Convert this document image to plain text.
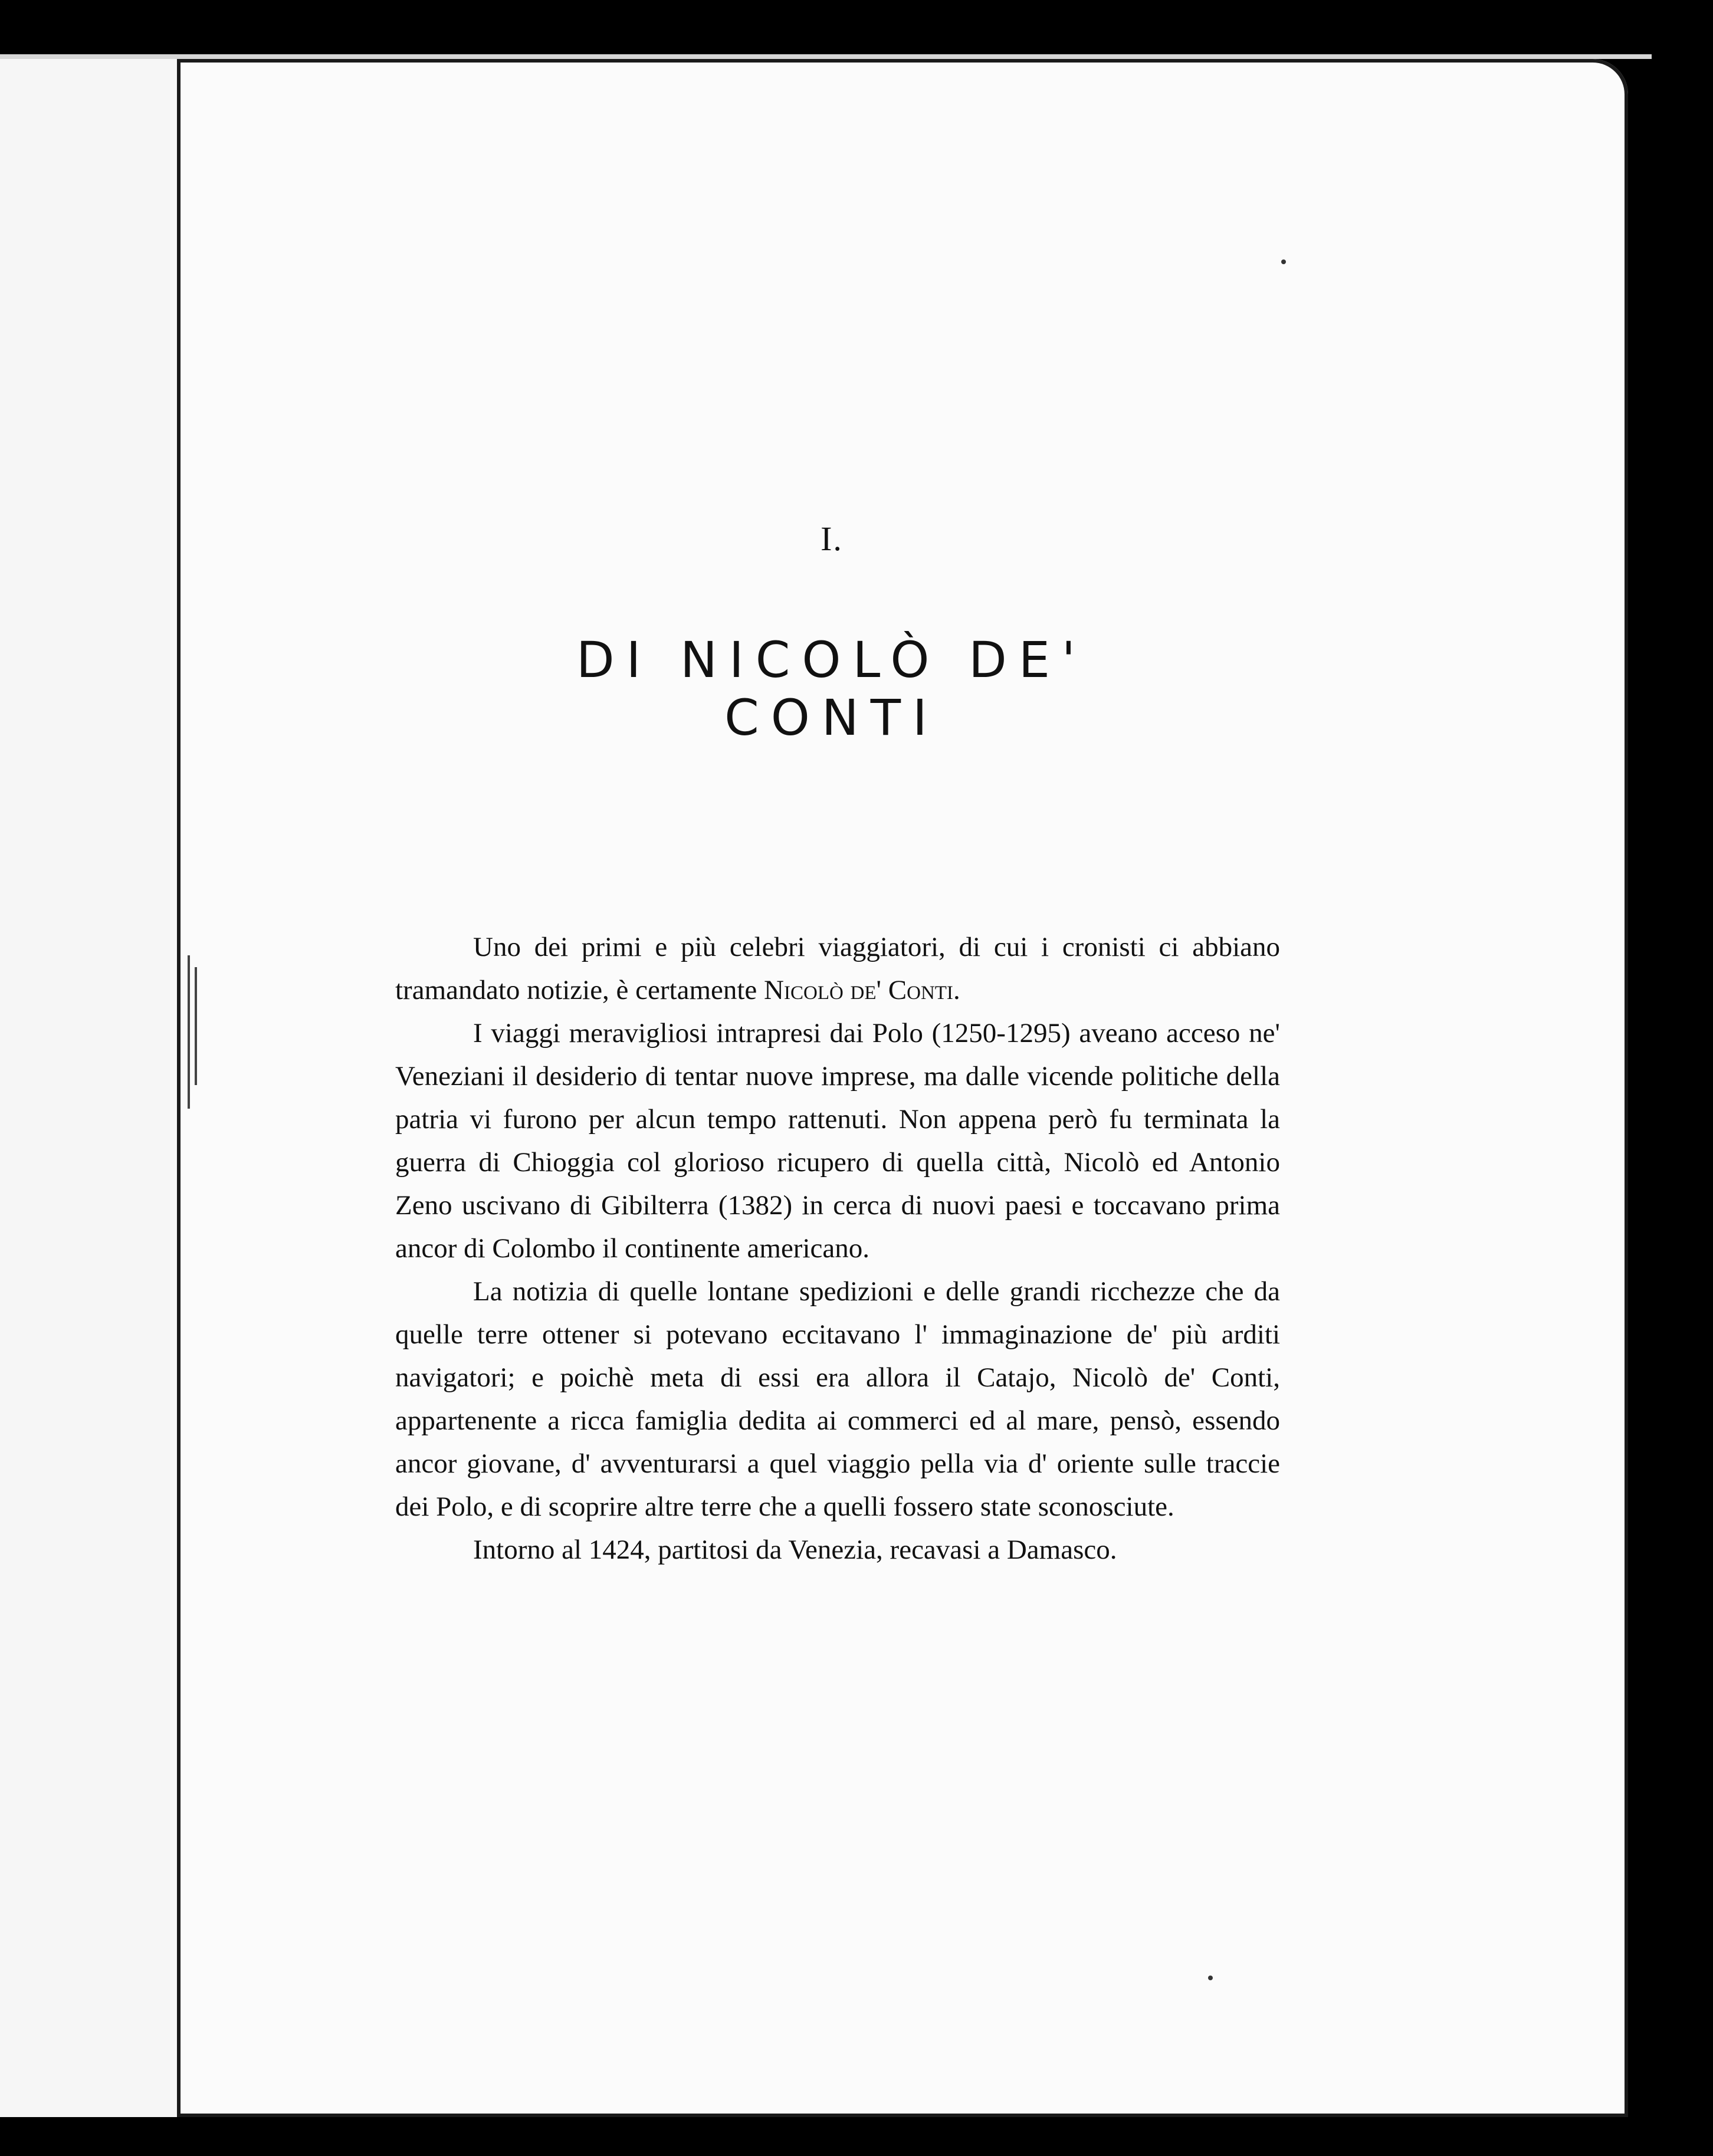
I.
DI NICOLÒ DE' CONTI

Uno dei primi e più celebri viaggiatori, di cui i cronisti ci abbiano tramandato notizie, è certamente Nicolò de' Conti.

I viaggi meravigliosi intrapresi dai Polo (1250-1295) aveano acceso ne' Veneziani il desiderio di tentar nuove imprese, ma dalle vicende politiche della patria vi furono per alcun tempo rattenuti. Non appena però fu terminata la guerra di Chioggia col glorioso ricupero di quella città, Nicolò ed Antonio Zeno uscivano di Gibilterra (1382) in cerca di nuovi paesi e toccavano prima ancor di Colombo il continente americano.

La notizia di quelle lontane spedizioni e delle grandi ricchezze che da quelle terre ottener si potevano eccitavano l' immaginazione de' più arditi navigatori; e poichè meta di essi era allora il Catajo, Nicolò de' Conti, appartenente a ricca famiglia dedita ai commerci ed al mare, pensò, essendo ancor giovane, d' avventurarsi a quel viaggio pella via d' oriente sulle traccie dei Polo, e di scoprire altre terre che a quelli fossero state sconosciute.

Intorno al 1424, partitosi da Venezia, recavasi a Damasco.
